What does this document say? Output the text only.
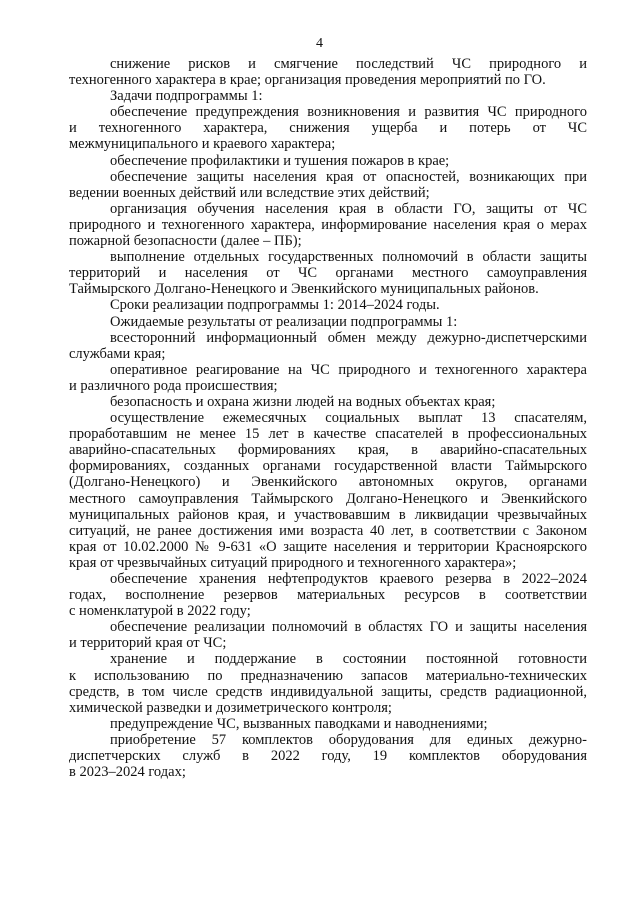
4
снижение рисков и смягчение последствий ЧС природного и
техногенного характера в крае; организация проведения мероприятий по ГО.
Задачи подпрограммы 1:
обеспечение предупреждения возникновения и развития ЧС природного
и техногенного характера, снижения ущерба и потерь от ЧС
межмуниципального и краевого характера;
обеспечение профилактики и тушения пожаров в крае;
обеспечение защиты населения края от опасностей, возникающих при
ведении военных действий или вследствие этих действий;
организация обучения населения края в области ГО, защиты от ЧС
природного и техногенного характера, информирование населения края о мерах
пожарной безопасности (далее – ПБ);
выполнение отдельных государственных полномочий в области защиты
территорий и населения от ЧС органами местного самоуправления
Таймырского Долгано-Ненецкого и Эвенкийского муниципальных районов.
Сроки реализации подпрограммы 1: 2014–2024 годы.
Ожидаемые результаты от реализации подпрограммы 1:
всесторонний информационный обмен между дежурно-диспетчерскими
службами края;
оперативное реагирование на ЧС природного и техногенного характера
и различного рода происшествия;
безопасность и охрана жизни людей на водных объектах края;
осуществление ежемесячных социальных выплат 13 спасателям,
проработавшим не менее 15 лет в качестве спасателей в профессиональных
аварийно-спасательных формированиях края, в аварийно-спасательных
формированиях, созданных органами государственной власти Таймырского
(Долгано-Ненецкого) и Эвенкийского автономных округов, органами
местного самоуправления Таймырского Долгано-Ненецкого и Эвенкийского
муниципальных районов края, и участвовавшим в ликвидации чрезвычайных
ситуаций, не ранее достижения ими возраста 40 лет, в соответствии с Законом
края от 10.02.2000 № 9-631 «О защите населения и территории Красноярского
края от чрезвычайных ситуаций природного и техногенного характера»;
обеспечение хранения нефтепродуктов краевого резерва в 2022–2024
годах, восполнение резервов материальных ресурсов в соответствии
с номенклатурой в 2022 году;
обеспечение реализации полномочий в областях ГО и защиты населения
и территорий края от ЧС;
хранение и поддержание в состоянии постоянной готовности
к использованию по предназначению запасов материально-технических
средств, в том числе средств индивидуальной защиты, средств радиационной,
химической разведки и дозиметрического контроля;
предупреждение ЧС, вызванных паводками и наводнениями;
приобретение 57 комплектов оборудования для единых дежурно-
диспетчерских служб в 2022 году, 19 комплектов оборудования
в 2023–2024 годах;
